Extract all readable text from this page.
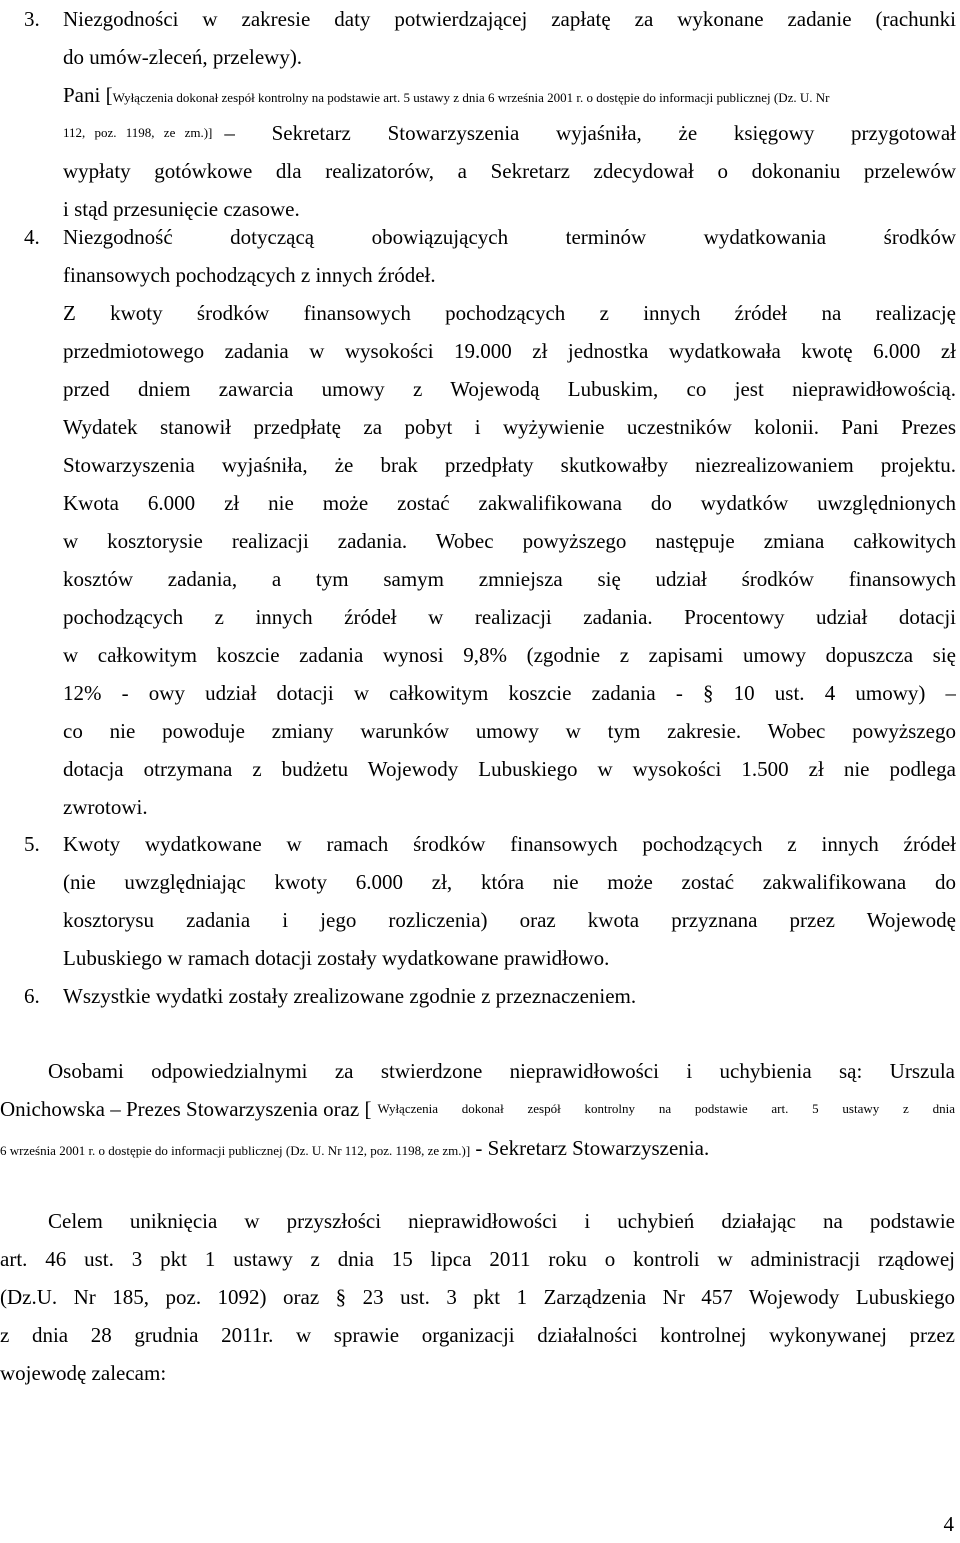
3. Niezgodności w zakresie daty potwierdzającej zapłatę za wykonane zadanie (rachunki
do umów-zleceń, przelewy).
Pani [Wyłączenia dokonał zespół kontrolny na podstawie art. 5 ustawy z dnia 6 września 2001 r. o dostępie do informacji publicznej (Dz. U. Nr
112, poz. 1198, ze zm.)] – Sekretarz Stowarzyszenia wyjaśniła, że księgowy przygotował
wypłaty gotówkowe dla realizatorów, a Sekretarz zdecydował o dokonaniu przelewów
i stąd przesunięcie czasowe.
4. Niezgodność dotyczącą obowiązujących terminów wydatkowania środków
finansowych pochodzących z innych źródeł.
Z kwoty środków finansowych pochodzących z innych źródeł na realizację
przedmiotowego zadania w wysokości 19.000 zł jednostka wydatkowała kwotę 6.000 zł
przed dniem zawarcia umowy z Wojewodą Lubuskim, co jest nieprawidłowością.
Wydatek stanowił przedpłatę za pobyt i wyżywienie uczestników kolonii. Pani Prezes
Stowarzyszenia wyjaśniła, że brak przedpłaty skutkowałby niezrealizowaniem projektu.
Kwota 6.000 zł nie może zostać zakwalifikowana do wydatków uwzględnionych
w kosztorysie realizacji zadania. Wobec powyższego następuje zmiana całkowitych
kosztów zadania, a tym samym zmniejsza się udział środków finansowych
pochodzących z innych źródeł w realizacji zadania. Procentowy udział dotacji
w całkowitym koszcie zadania wynosi 9,8% (zgodnie z zapisami umowy dopuszcza się
12% - owy udział dotacji w całkowitym koszcie zadania - § 10 ust. 4 umowy) –
co nie powoduje zmiany warunków umowy w tym zakresie. Wobec powyższego
dotacja otrzymana z budżetu Wojewody Lubuskiego w wysokości 1.500 zł nie podlega
zwrotowi.
5. Kwoty wydatkowane w ramach środków finansowych pochodzących z innych źródeł
(nie uwzględniając kwoty 6.000 zł, która nie może zostać zakwalifikowana do
kosztorysu zadania i jego rozliczenia) oraz kwota przyznana przez Wojewodę
Lubuskiego w ramach dotacji zostały wydatkowane prawidłowo.
6. Wszystkie wydatki zostały zrealizowane zgodnie z przeznaczeniem.
Osobami odpowiedzialnymi za stwierdzone nieprawidłowości i uchybienia są: Urszula
Onichowska – Prezes Stowarzyszenia oraz [ Wyłączenia dokonał zespół kontrolny na podstawie art. 5 ustawy z dnia
6 września 2001 r. o dostępie do informacji publicznej (Dz. U. Nr 112, poz. 1198, ze zm.)] - Sekretarz Stowarzyszenia.
Celem uniknięcia w przyszłości nieprawidłowości i uchybień działając na podstawie
art. 46 ust. 3 pkt 1 ustawy z dnia 15 lipca 2011 roku o kontroli w administracji rządowej
(Dz.U. Nr 185, poz. 1092) oraz § 23 ust. 3 pkt 1 Zarządzenia Nr 457 Wojewody Lubuskiego
z dnia 28 grudnia 2011r. w sprawie organizacji działalności kontrolnej wykonywanej przez
wojewodę zalecam:
4
